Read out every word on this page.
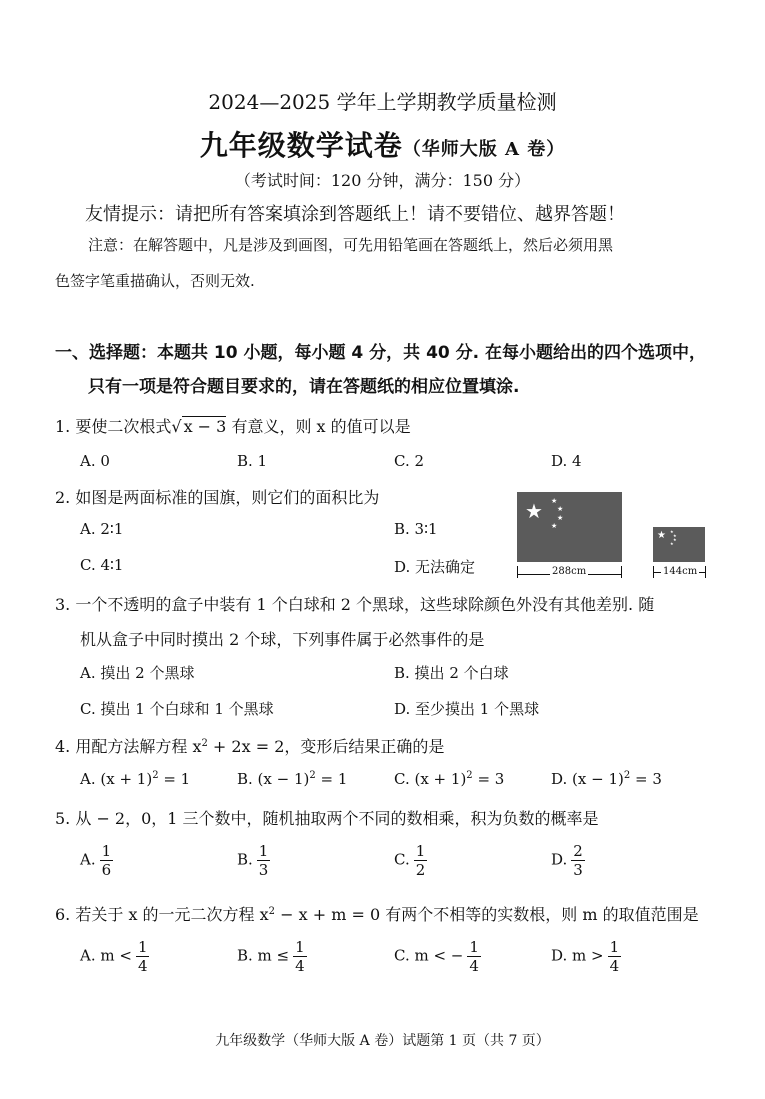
2024—2025 学年上学期教学质量检测
九年级数学试卷（华师大版 A 卷）
（考试时间：120 分钟，满分：150 分）
友情提示：请把所有答案填涂到答题纸上！请不要错位、越界答题！
注意：在解答题中，凡是涉及到画图，可先用铅笔画在答题纸上，然后必须用黑
色签字笔重描确认，否则无效.
一、选择题：本题共 10 小题，每小题 4 分，共 40 分. 在每小题给出的四个选项中，
只有一项是符合题目要求的，请在答题纸的相应位置填涂.
1. 要使二次根式√ x − 3 有意义，则 x 的值可以是
A. 0	B. 1	C. 2	D. 4
2. 如图是两面标准的国旗，则它们的面积比为
A. 2∶1	B. 3∶1
C. 4∶1	D. 无法确定
★ ★
★
★
★
288cm
★ ★
★
★
★
144cm
3. 一个不透明的盒子中装有 1 个白球和 2 个黑球，这些球除颜色外没有其他差别. 随
机从盒子中同时摸出 2 个球，下列事件属于必然事件的是
A. 摸出 2 个黑球	B. 摸出 2 个白球
C. 摸出 1 个白球和 1 个黑球	D. 至少摸出 1 个黑球
4. 用配方法解方程 $x^2 + 2x = 2$，变形后结果正确的是
A. $(x + 1)^2 = 1$	B. $(x - 1)^2 = 1$	C. $(x + 1)^2 = 3$	D. $(x - 1)^2 = 3$
5. 从 − 2，0，1 三个数中，随机抽取两个不同的数相乘，积为负数的概率是
A. $\frac{1}{6}$	B. $\frac{1}{3}$	C. $\frac{1}{2}$	D. $\frac{2}{3}$
6. 若关于 x 的一元二次方程 $x^2 - x + m = 0$ 有两个不相等的实数根，则 m 的取值范围是
A. $m < \frac{1}{4}$	B. $m \le \frac{1}{4}$	C. m < − $\frac{1}{4}$	D. $m > \frac{1}{4}$
九年级数学（华师大版 A 卷）试题第 1 页（共 7 页）
